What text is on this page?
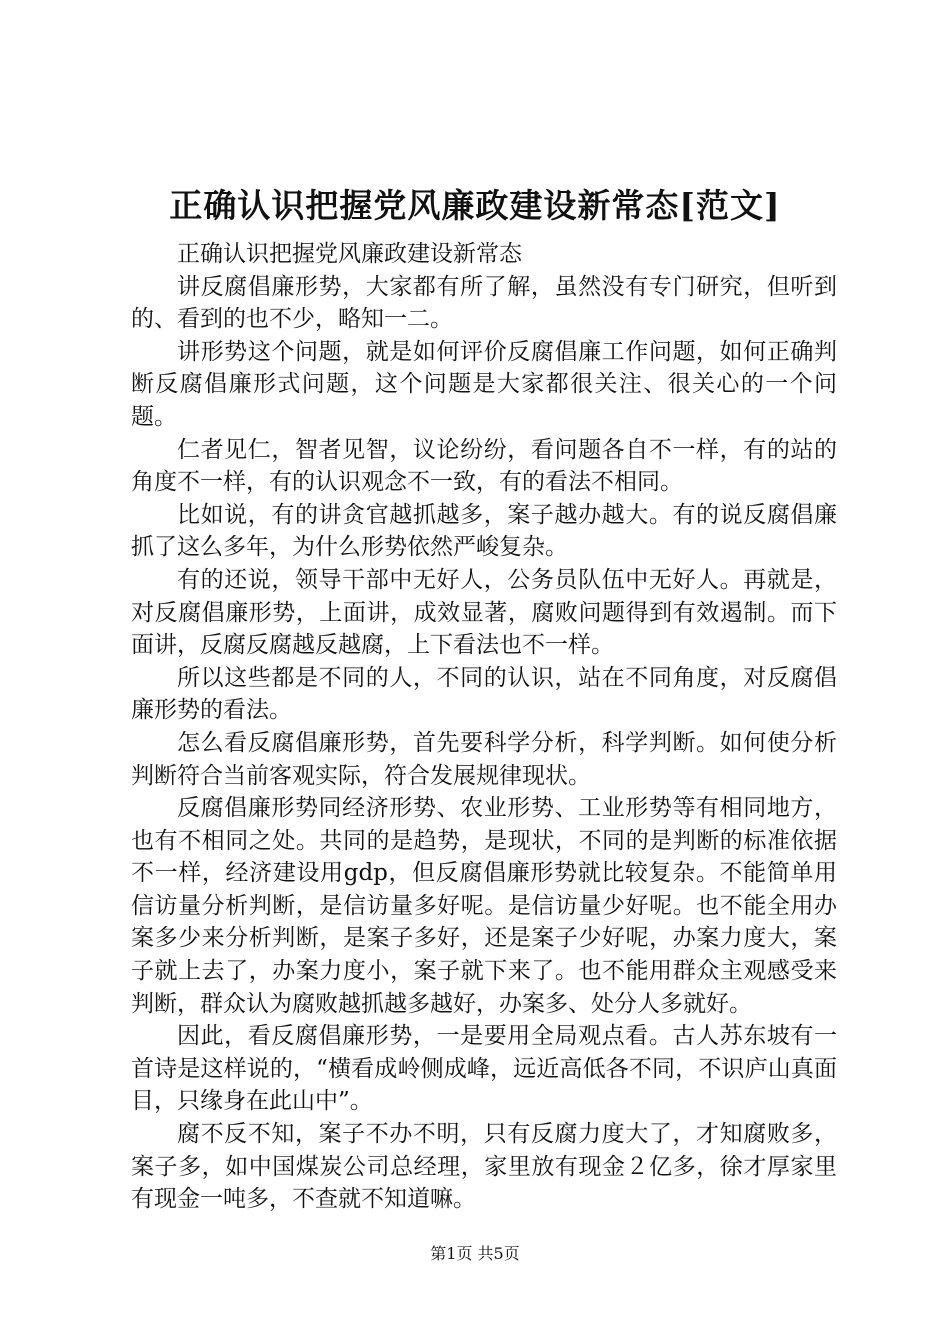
正确认识把握党风廉政建设新常态[范文]

正确认识把握党风廉政建设新常态

讲反腐倡廉形势，大家都有所了解，虽然没有专门研究，但听到的、看到的也不少，略知一二。

讲形势这个问题，就是如何评价反腐倡廉工作问题，如何正确判断反腐倡廉形式问题，这个问题是大家都很关注、很关心的一个问题。

仁者见仁，智者见智，议论纷纷，看问题各自不一样，有的站的角度不一样，有的认识观念不一致，有的看法不相同。

比如说，有的讲贪官越抓越多，案子越办越大。有的说反腐倡廉抓了这么多年，为什么形势依然严峻复杂。

有的还说，领导干部中无好人，公务员队伍中无好人。再就是，对反腐倡廉形势，上面讲，成效显著，腐败问题得到有效遏制。而下面讲，反腐反腐越反越腐，上下看法也不一样。

所以这些都是不同的人，不同的认识，站在不同角度，对反腐倡廉形势的看法。

怎么看反腐倡廉形势，首先要科学分析，科学判断。如何使分析判断符合当前客观实际，符合发展规律现状。

反腐倡廉形势同经济形势、农业形势、工业形势等有相同地方，也有不相同之处。共同的是趋势，是现状，不同的是判断的标准依据不一样，经济建设用gdp，但反腐倡廉形势就比较复杂。不能简单用信访量分析判断，是信访量多好呢。是信访量少好呢。也不能全用办案多少来分析判断，是案子多好，还是案子少好呢，办案力度大，案子就上去了，办案力度小，案子就下来了。也不能用群众主观感受来判断，群众认为腐败越抓越多越好，办案多、处分人多就好。

因此，看反腐倡廉形势，一是要用全局观点看。古人苏东坡有一首诗是这样说的，“横看成岭侧成峰，远近高低各不同，不识庐山真面目，只缘身在此山中”。

腐不反不知，案子不办不明，只有反腐力度大了，才知腐败多，案子多，如中国煤炭公司总经理，家里放有现金２亿多，徐才厚家里有现金一吨多，不查就不知道嘛。

第1页 共5页
